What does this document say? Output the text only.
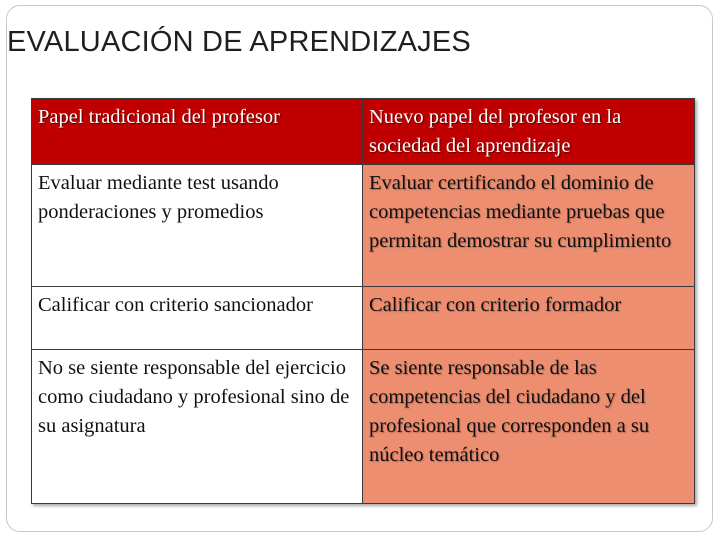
EVALUACIÓN DE APRENDIZAJES
Papel tradicional del profesor	Nuevo papel del profesor en la sociedad del aprendizaje
Evaluar mediante test usando ponderaciones y promedios	Evaluar certificando el dominio de competencias mediante pruebas que permitan demostrar su cumplimiento
Calificar con criterio sancionador	Calificar con criterio formador
No se siente responsable del ejercicio como ciudadano y profesional sino de su asignatura	Se siente responsable de las competencias del ciudadano y del profesional que corresponden a su núcleo temático
